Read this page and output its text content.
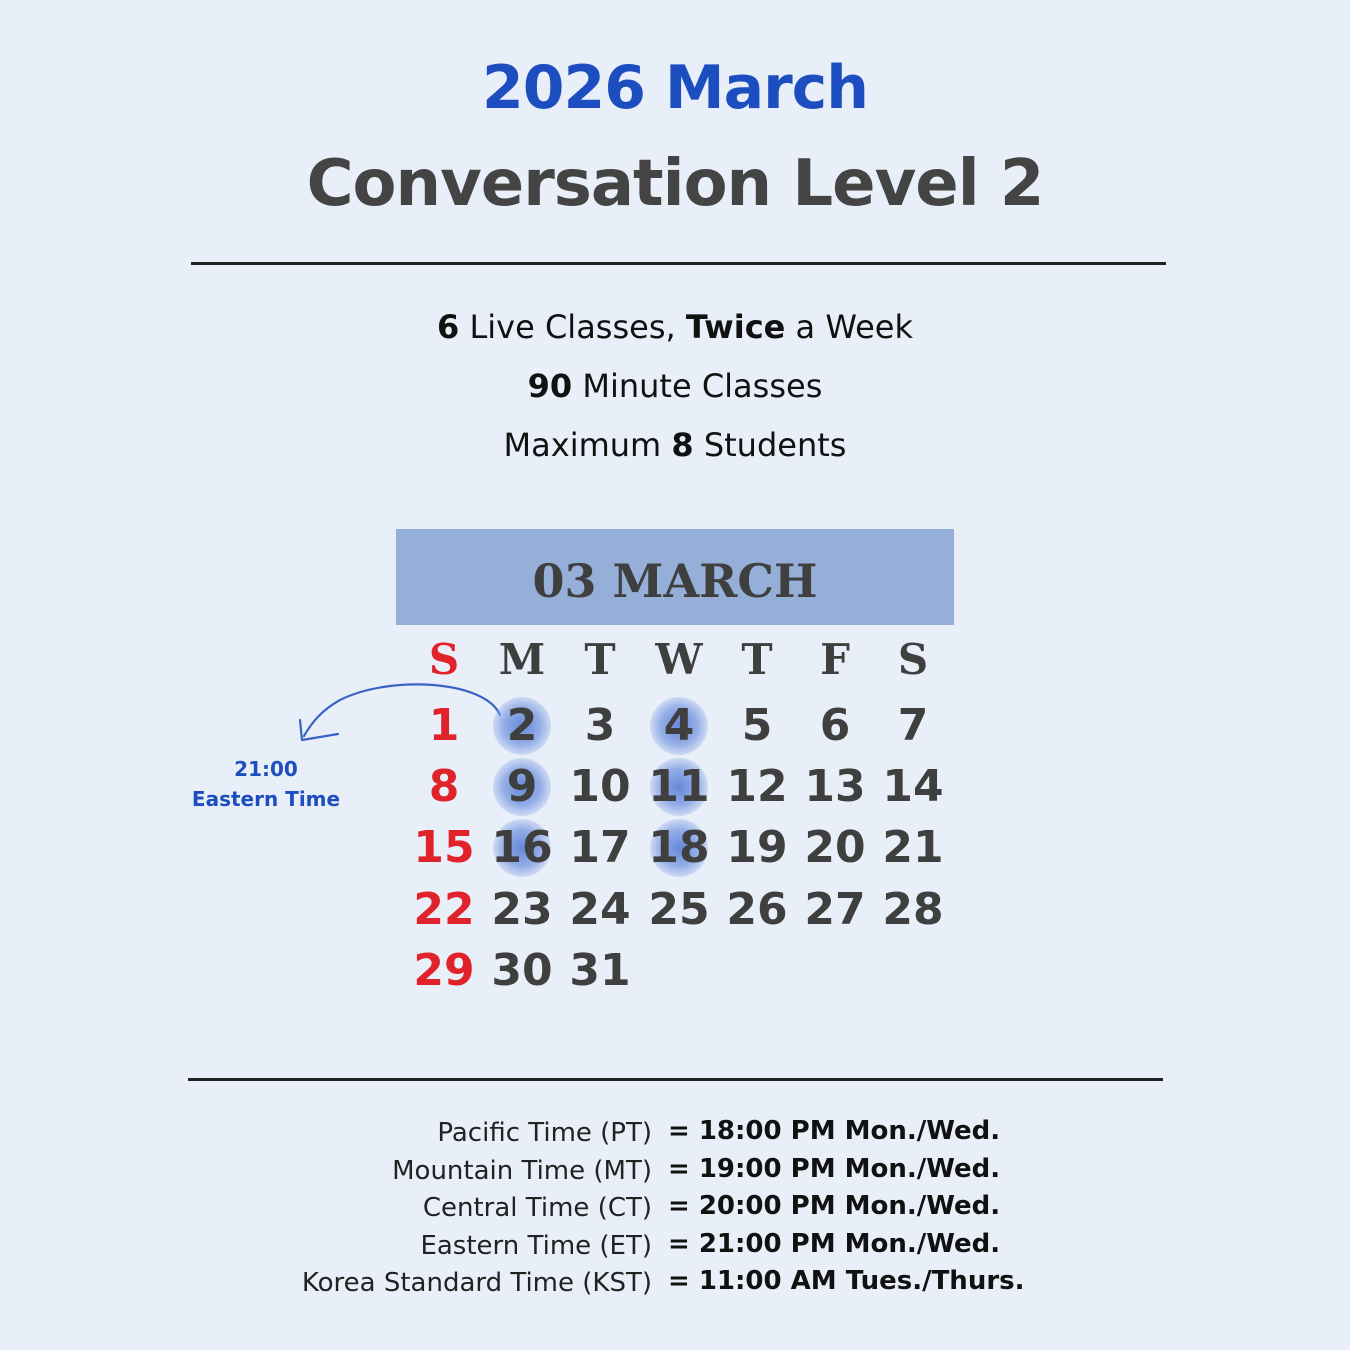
2026 March
Conversation Level 2
6 Live Classes, Twice a Week
90 Minute Classes
Maximum 8 Students
03 MARCH
S M T W T	F	S
1	2	3	4	5	6	7
8	9 10 11 12 13 14
15 16 17 18 19 20 21
22 23 24 25 26 27 28
29 30 31
21:00
Eastern Time
Pacific Time (PT) = 18:00 PM Mon./Wed.
Mountain Time (MT) = 19:00 PM Mon./Wed.
Central Time (CT) = 20:00 PM Mon./Wed.
Eastern Time (ET) = 21:00 PM Mon./Wed.
Korea Standard Time (KST) = 11:00 AM Tues./Thurs.
